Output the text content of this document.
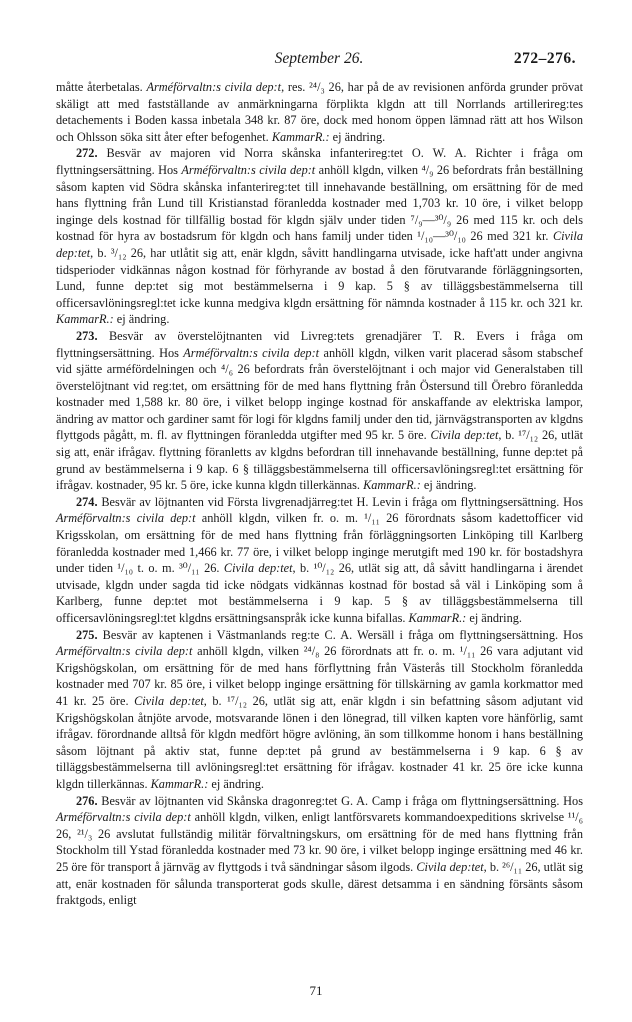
September 26.	272–276.

måtte återbetalas. Arméförvaltn:s civila dep:t, res. ²⁴/₃ 26, har på de av revisionen anförda grunder prövat skäligt att med fastställande av anmärkningarna förplikta klgdn att till Norrlands artillerireg:tes detachements i Boden kassa inbetala 348 kr. 87 öre, dock med honom öppen lämnad rätt att hos Wilson och Ohlsson söka sitt åter efter befogenhet. KammarR.: ej ändring.

272. Besvär av majoren vid Norra skånska infanterireg:tet O. W. A. Richter i fråga om flyttningsersättning. Hos Arméförvaltn:s civila dep:t anhöll klgdn, vilken ⁴/₉ 26 befordrats från beställning såsom kapten vid Södra skånska infanterireg:tet till innehavande beställning, om ersättning för de med hans flyttning från Lund till Kristianstad föranledda kostnader med 1,703 kr. 10 öre, i vilket belopp inginge dels kostnad för tillfällig bostad för klgdn själv under tiden ⁷/₉—³⁰/₉ 26 med 115 kr. och dels kostnad för hyra av bostadsrum för klgdn och hans familj under tiden ¹/₁₀—³⁰/₁₀ 26 med 321 kr. Civila dep:tet, b. ³/₁₂ 26, har utlåtit sig att, enär klgdn, såvitt handlingarna utvisade, icke haft'att under angivna tidsperioder vidkännas någon kostnad för förhyrande av bostad å den förutvarande förläggningsorten, Lund, funne dep:tet sig mot bestämmelserna i 9 kap. 5 § av tilläggsbestämmelserna till officersavlöningsregl:tet icke kunna medgiva klgdn ersättning för nämnda kostnader å 115 kr. och 321 kr. KammarR.: ej ändring.

273. Besvär av överstelöjtnanten vid Livreg:tets grenadjärer T. R. Evers i fråga om flyttningsersättning. Hos Arméförvaltn:s civila dep:t anhöll klgdn, vilken varit placerad såsom stabschef vid sjätte arméfördelningen och ⁴/₆ 26 befordrats från överstelöjtnant i och major vid Generalstaben till överstelöjtnant vid reg:tet, om ersättning för de med hans flyttning från Östersund till Örebro föranledda kostnader med 1,588 kr. 80 öre, i vilket belopp inginge kostnad för anskaffande av elektriska lampor, ändring av mattor och gardiner samt för logi för klgdns familj under den tid, järnvägstransporten av klgdns flyttgods pågått, m. fl. av flyttningen föranledda utgifter med 95 kr. 5 öre. Civila dep:tet, b. ¹⁷/₁₂ 26, utlät sig att, enär ifrågav. flyttning föranletts av klgdns befordran till innehavande beställning, funne dep:tet på grund av bestämmelserna i 9 kap. 6 § tilläggsbestämmelserna till officersavlöningsregl:tet ersättning för ifrågav. kostnader, 95 kr. 5 öre, icke kunna klgdn tillerkännas. KammarR.: ej ändring.

274. Besvär av löjtnanten vid Första livgrenadjärreg:tet H. Levin i fråga om flyttningsersättning. Hos Arméförvaltn:s civila dep:t anhöll klgdn, vilken fr. o. m. ¹/₁₁ 26 förordnats såsom kadettofficer vid Krigsskolan, om ersättning för de med hans flyttning från förläggningsorten Linköping till Karlberg föranledda kostnader med 1,466 kr. 77 öre, i vilket belopp inginge merutgift med 190 kr. för bostadshyra under tiden ¹/₁₀ t. o. m. ³⁰/₁₁ 26. Civila dep:tet, b. ¹⁰/₁₂ 26, utlät sig att, då såvitt handlingarna i ärendet utvisade, klgdn under sagda tid icke nödgats vidkännas kostnad för bostad så väl i Linköping som å Karlberg, funne dep:tet mot bestämmelserna i 9 kap. 5 § av tilläggsbestämmelserna till officersavlöningsregl:tet klgdns ersättningsanspråk icke kunna bifallas. KammarR.: ej ändring.

275. Besvär av kaptenen i Västmanlands reg:te C. A. Wersäll i fråga om flyttningsersättning. Hos Arméförvaltn:s civila dep:t anhöll klgdn, vilken ²⁴/₈ 26 förordnats att fr. o. m. ¹/₁₁ 26 vara adjutant vid Krigshögskolan, om ersättning för de med hans förflyttning från Västerås till Stockholm föranledda kostnader med 707 kr. 85 öre, i vilket belopp inginge ersättning för tillskärning av gamla korkmattor med 41 kr. 25 öre. Civila dep:tet, b. ¹⁷/₁₂ 26, utlät sig att, enär klgdn i sin befattning såsom adjutant vid Krigshögskolan åtnjöte arvode, motsvarande lönen i den lönegrad, till vilken kapten vore hänförlig, samt ifrågav. förordnande alltså för klgdn medfört högre avlöning, än som tillkomme honom i hans beställning såsom löjtnant på aktiv stat, funne dep:tet på grund av bestämmelserna i 9 kap. 6 § av tilläggsbestämmelserna till avlöningsregl:tet ersättning för ifrågav. kostnader 41 kr. 25 öre icke kunna klgdn tillerkännas. KammarR.: ej ändring.

276. Besvär av löjtnanten vid Skånska dragonreg:tet G. A. Camp i fråga om flyttningsersättning. Hos Arméförvaltn:s civila dep:t anhöll klgdn, vilken, enligt lantförsvarets kommandoexpeditions skrivelse ¹¹/₆ 26, ²¹/₃ 26 avslutat fullständig militär förvaltningskurs, om ersättning för de med hans flyttning från Stockholm till Ystad föranledda kostnader med 73 kr. 90 öre, i vilket belopp inginge ersättning med 46 kr. 25 öre för transport å järnväg av flyttgods i två sändningar såsom ilgods. Civila dep:tet, b. ²⁶/₁₁ 26, utlät sig att, enär kostnaden för sålunda transporterat gods skulle, därest detsamma i en sändning försänts såsom fraktgods, enligt

71
